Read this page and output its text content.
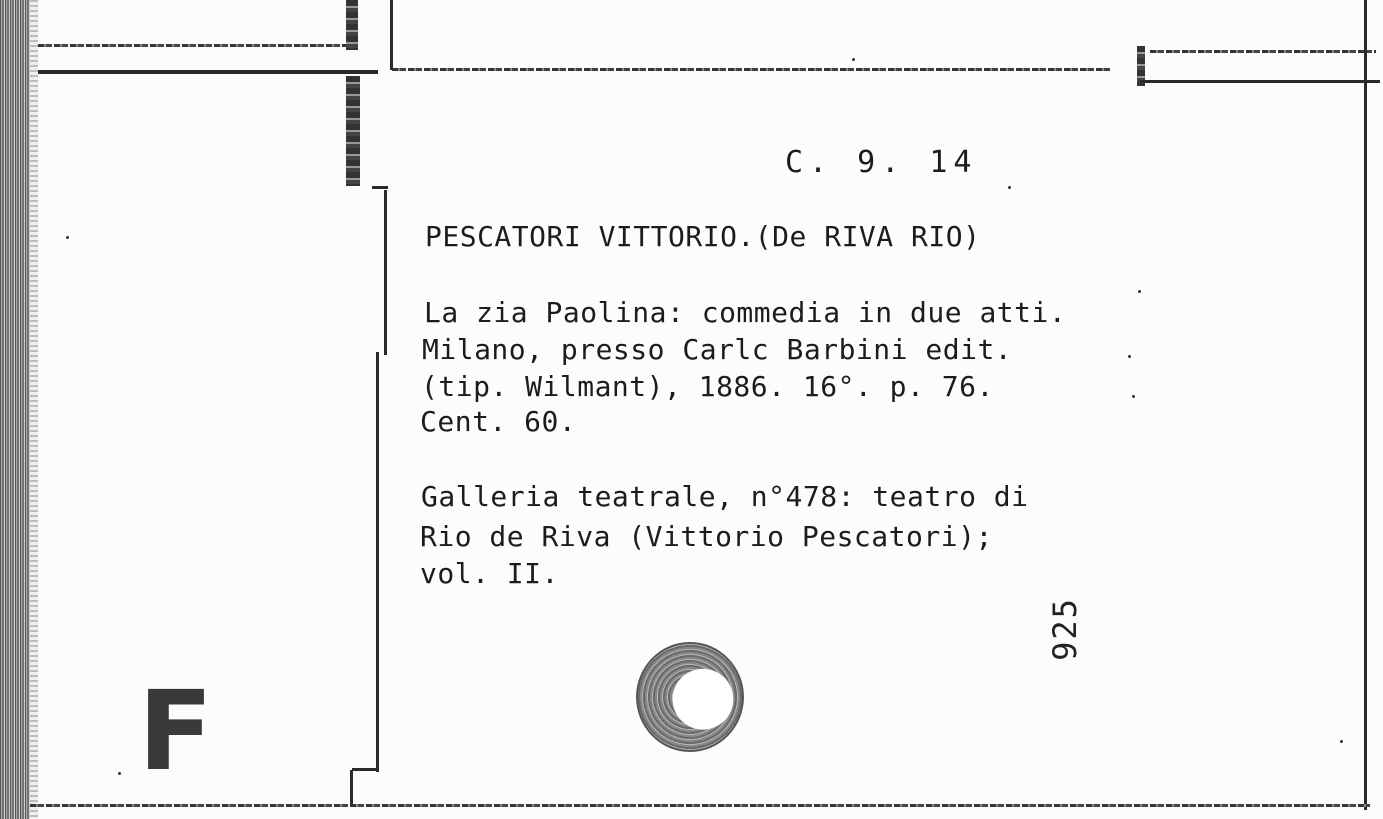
C. 9. 14
PESCATORI VITTORIO.(De RIVA RIO)
La zia Paolina: commedia in due atti.
Milano, presso Carlc Barbini edit.
(tip. Wilmant), 1886. 16°. p. 76.
Cent. 60.
Galleria teatrale, n°478: teatro di
Rio de Riva (Vittorio Pescatori);
vol. II.
925
F
